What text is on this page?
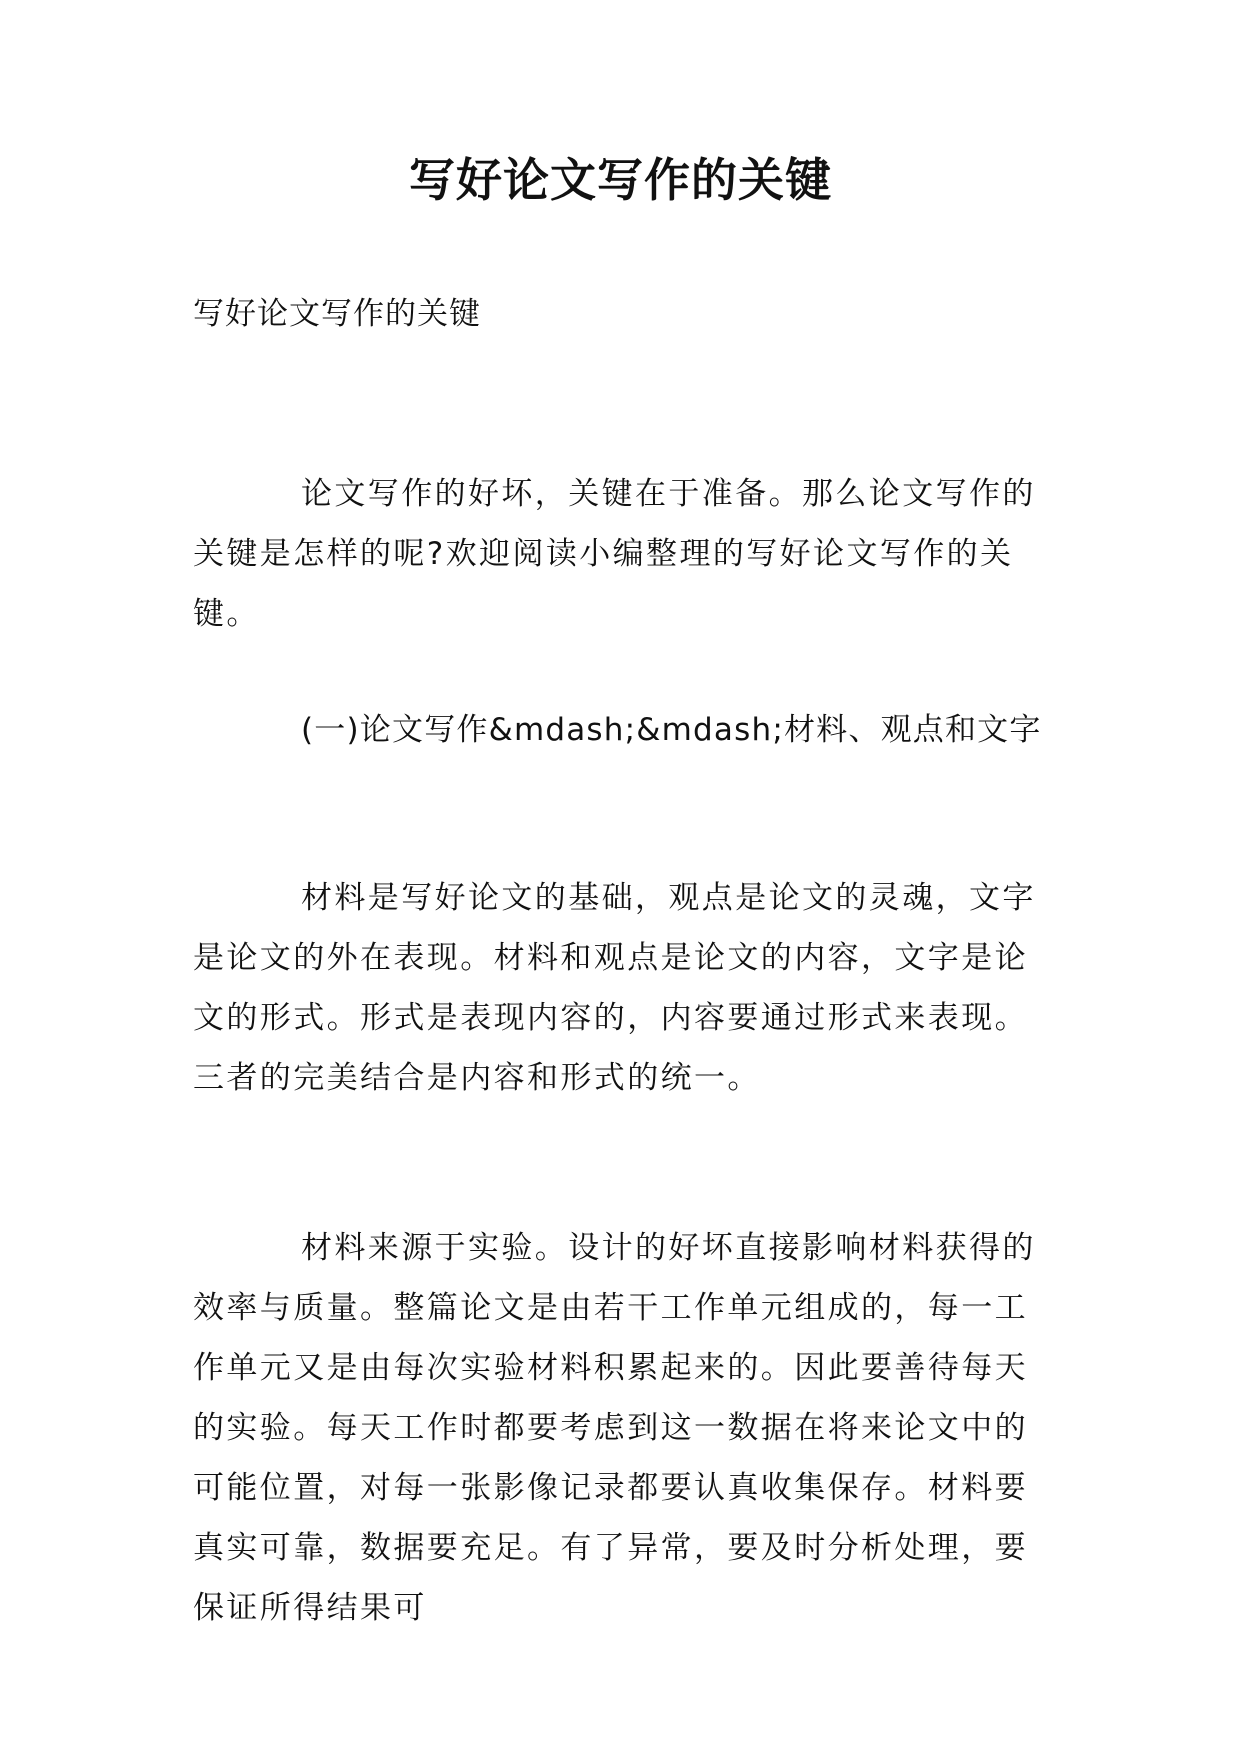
写好论文写作的关键
写好论文写作的关键

论文写作的好坏，关键在于准备。那么论文写作的关键是怎样的呢?欢迎阅读小编整理的写好论文写作的关键。

(一)论文写作&mdash;&mdash;材料、观点和文字

材料是写好论文的基础，观点是论文的灵魂，文字是论文的外在表现。材料和观点是论文的内容，文字是论文的形式。形式是表现内容的，内容要通过形式来表现。三者的完美结合是内容和形式的统一。

材料来源于实验。设计的好坏直接影响材料获得的效率与质量。整篇论文是由若干工作单元组成的，每一工作单元又是由每次实验材料积累起来的。因此要善待每天的实验。每天工作时都要考虑到这一数据在将来论文中的可能位置，对每一张影像记录都要认真收集保存。材料要真实可靠，数据要充足。有了异常，要及时分析处理，要保证所得结果可
